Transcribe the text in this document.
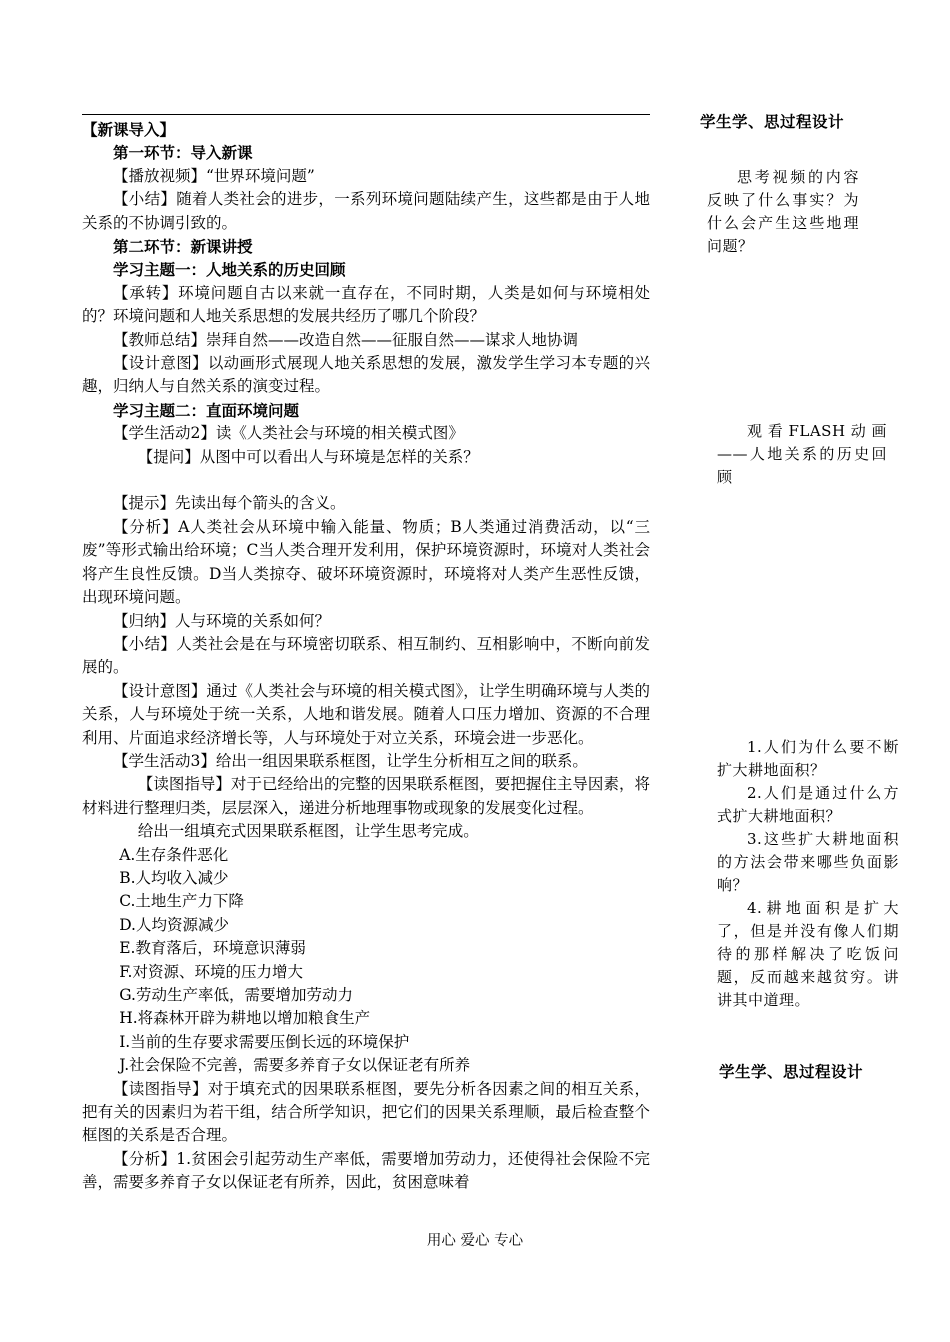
【新课导入】

第一环节：导入新课

【播放视频】“世界环境问题”

【小结】随着人类社会的进步，一系列环境问题陆续产生，这些都是由于人地关系的不协调引致的。

第二环节：新课讲授

学习主题一：人地关系的历史回顾

【承转】环境问题自古以来就一直存在，不同时期，人类是如何与环境相处的？环境问题和人地关系思想的发展共经历了哪几个阶段？

【教师总结】崇拜自然——改造自然——征服自然——谋求人地协调

【设计意图】以动画形式展现人地关系思想的发展，激发学生学习本专题的兴趣，归纳人与自然关系的演变过程。

学习主题二：直面环境问题

【学生活动2】读《人类社会与环境的相关模式图》

【提问】从图中可以看出人与环境是怎样的关系？

【提示】先读出每个箭头的含义。

【分析】A人类社会从环境中输入能量、物质；B人类通过消费活动，以“三废”等形式输出给环境；C当人类合理开发利用，保护环境资源时，环境对人类社会将产生良性反馈。D当人类掠夺、破坏环境资源时，环境将对人类产生恶性反馈，出现环境问题。

【归纳】人与环境的关系如何？

【小结】人类社会是在与环境密切联系、相互制约、互相影响中，不断向前发展的。

【设计意图】通过《人类社会与环境的相关模式图》，让学生明确环境与人类的关系，人与环境处于统一关系，人地和谐发展。随着人口压力增加、资源的不合理利用、片面追求经济增长等，人与环境处于对立关系，环境会进一步恶化。

【学生活动3】给出一组因果联系框图，让学生分析相互之间的联系。

【读图指导】对于已经给出的完整的因果联系框图，要把握住主导因素，将材料进行整理归类，层层深入，递进分析地理事物或现象的发展变化过程。

给出一组填充式因果联系框图，让学生思考完成。

A.生存条件恶化

B.人均收入减少

C.土地生产力下降

D.人均资源减少

E.教育落后，环境意识薄弱

F.对资源、环境的压力增大

G.劳动生产率低，需要增加劳动力

H.将森林开辟为耕地以增加粮食生产

I.当前的生存要求需要压倒长远的环境保护

J.社会保险不完善，需要多养育子女以保证老有所养

【读图指导】对于填充式的因果联系框图，要先分析各因素之间的相互关系，把有关的因素归为若干组，结合所学知识，把它们的因果关系理顺，最后检查整个框图的关系是否合理。

【分析】1.贫困会引起劳动生产率低，需要增加劳动力，还使得社会保险不完善，需要多养育子女以保证老有所养，因此，贫困意味着

学生学、思过程设计

思考视频的内容反映了什么事实？为什么会产生这些地理问题？

观看FLASH动画——人地关系的历史回顾

1.人们为什么要不断扩大耕地面积？

2.人们是通过什么方式扩大耕地面积？

3.这些扩大耕地面积的方法会带来哪些负面影响？

4.耕地面积是扩大了，但是并没有像人们期待的那样解决了吃饭问题，反而越来越贫穷。讲讲其中道理。

学生学、思过程设计
用心 爱心 专心
